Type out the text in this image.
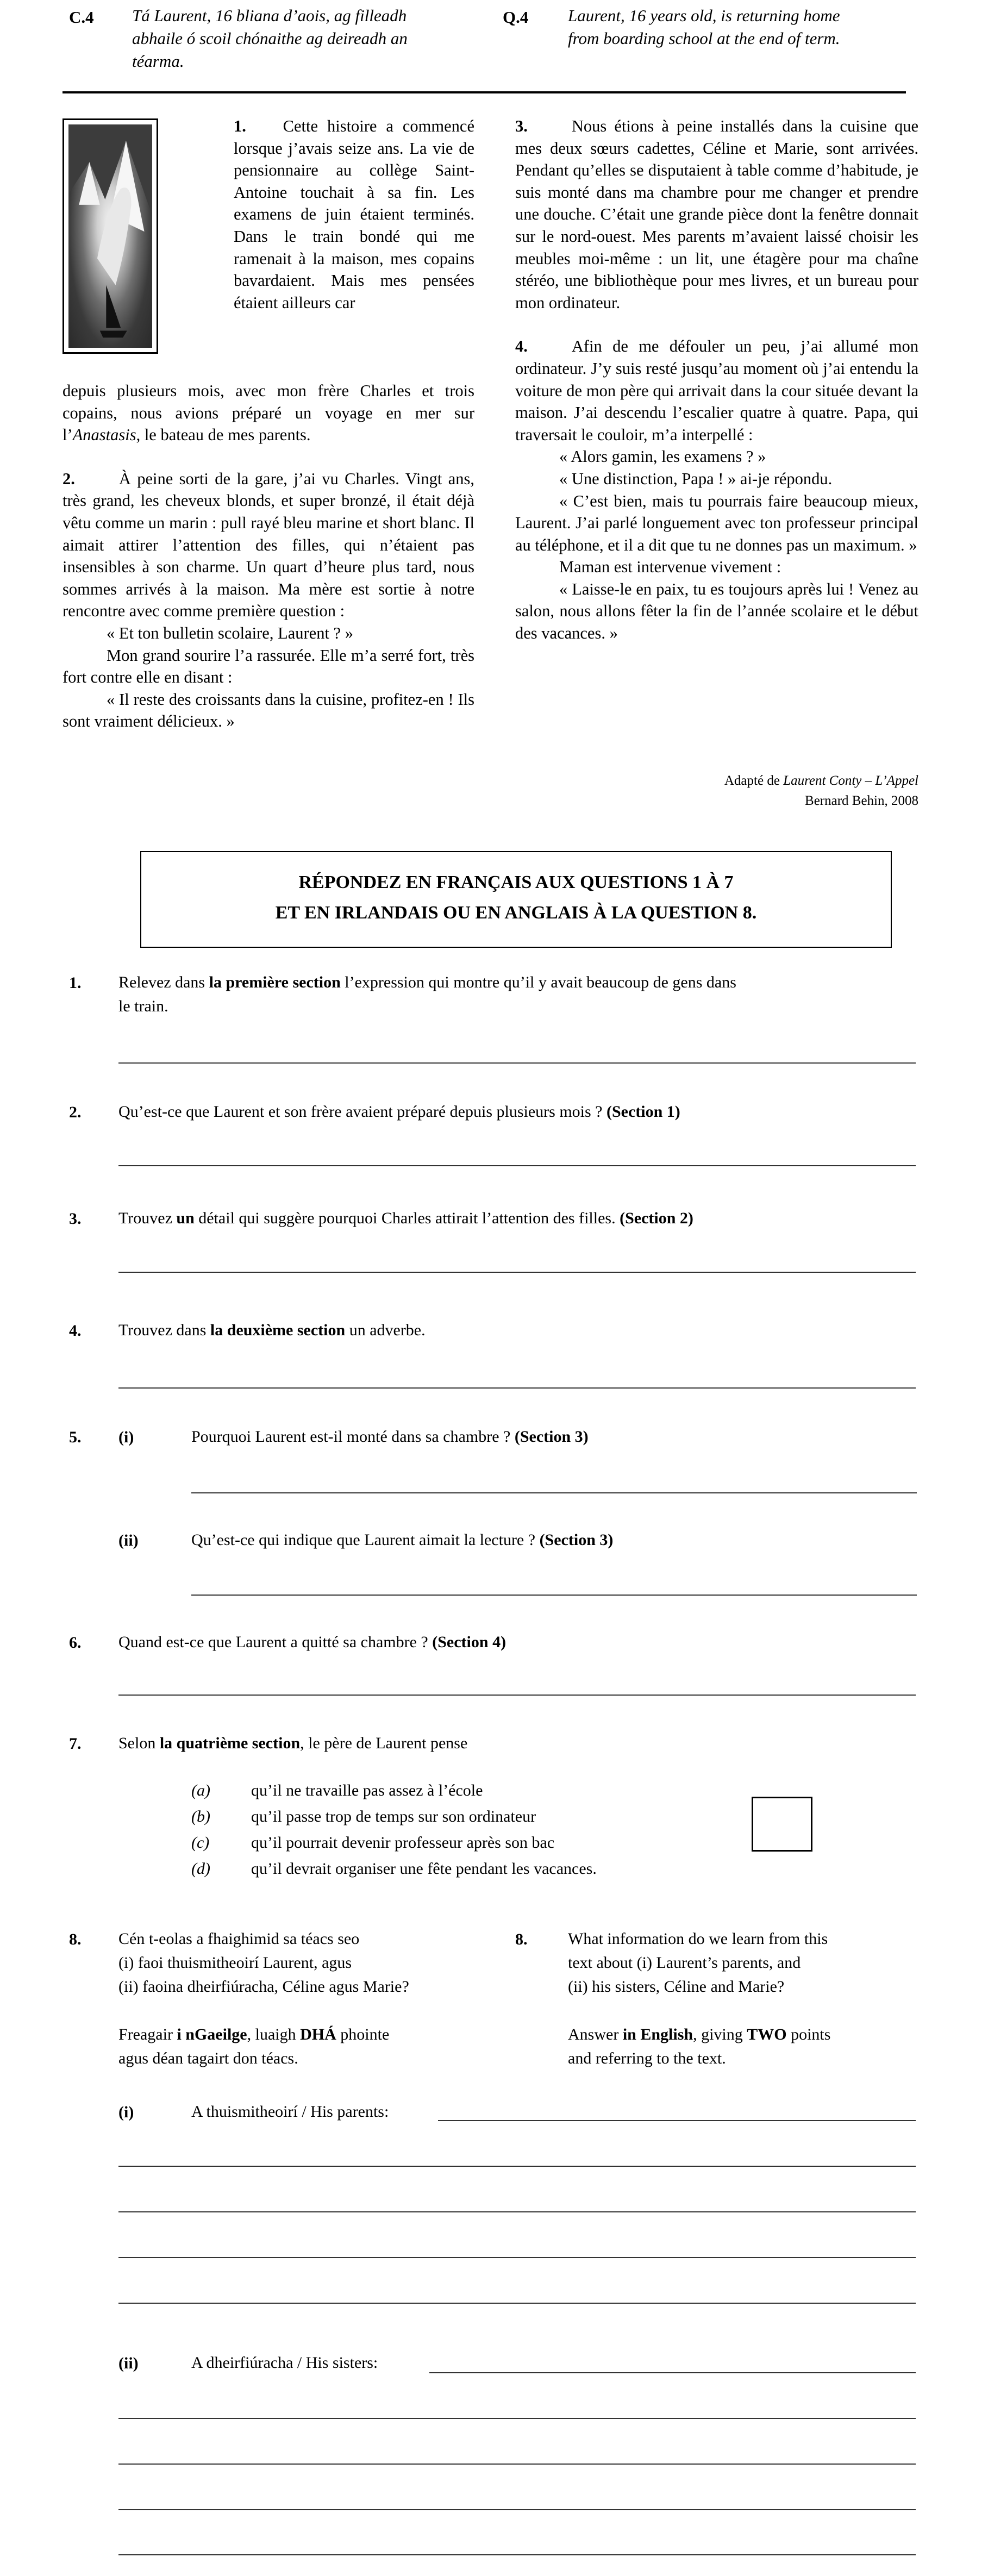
C.4 Tá Laurent, 16 bliana d’aois, ag filleadh
abhaile ó scoil chónaithe ag deireadh an
téarma.
Q.4 Laurent, 16 years old, is returning home
from boarding school at the end of term.

1. Cette histoire a commencé lorsque j’avais seize ans. La vie de pensionnaire au collège Saint-Antoine touchait à sa fin. Les examens de juin étaient terminés. Dans le train bondé qui me ramenait à la maison, mes copains bavardaient. Mais mes pensées étaient ailleurs car

depuis plusieurs mois, avec mon frère Charles et trois copains, nous avions préparé un voyage en mer sur l’Anastasis, le bateau de mes parents.

2.	À peine sorti de la gare, j’ai vu Charles. Vingt ans, très grand, les cheveux blonds, et super bronzé, il était déjà vêtu comme un marin : pull rayé bleu marine et short blanc. Il aimait attirer l’attention des filles, qui n’étaient pas insensibles à son charme. Un quart d’heure plus tard, nous sommes arrivés à la maison. Ma mère est sortie à notre rencontre avec comme première question :

« Et ton bulletin scolaire, Laurent ? »

Mon grand sourire l’a rassurée. Elle m’a serré fort, très fort contre elle en disant :

« Il reste des croissants dans la cuisine, profitez-en ! Ils sont vraiment délicieux. »

3.	Nous étions à peine installés dans la cuisine que mes deux sœurs cadettes, Céline et Marie, sont arrivées. Pendant qu’elles se disputaient à table comme d’habitude, je suis monté dans ma chambre pour me changer et prendre une douche. C’était une grande pièce dont la fenêtre donnait sur le nord-ouest. Mes parents m’avaient laissé choisir les meubles moi-même : un lit, une étagère pour ma chaîne stéréo, une bibliothèque pour mes livres, et un bureau pour mon ordinateur.

4.	Afin de me défouler un peu, j’ai allumé mon ordinateur. J’y suis resté jusqu’au moment où j’ai entendu la voiture de mon père qui arrivait dans la cour située devant la maison. J’ai descendu l’escalier quatre à quatre. Papa, qui traversait le couloir, m’a interpellé :

« Alors gamin, les examens ? »

« Une distinction, Papa ! » ai-je répondu.

« C’est bien, mais tu pourrais faire beaucoup mieux, Laurent. J’ai parlé longuement avec ton professeur principal au téléphone, et il a dit que tu ne donnes pas un maximum. »

Maman est intervenue vivement :

« Laisse-le en paix, tu es toujours après lui ! Venez au salon, nous allons fêter la fin de l’année scolaire et le début des vacances. »

Adapté de Laurent Conty – L’Appel
Bernard Behin, 2008
RÉPONDEZ EN FRANÇAIS AUX QUESTIONS 1 À 7
ET EN IRLANDAIS OU EN ANGLAIS À LA QUESTION 8.
1. Relevez dans la première section l’expression qui montre qu’il y avait beaucoup de gens dans
le train.
2. Qu’est-ce que Laurent et son frère avaient préparé depuis plusieurs mois ? (Section 1)
3. Trouvez un détail qui suggère pourquoi Charles attirait l’attention des filles. (Section 2)
4. Trouvez dans la deuxième section un adverbe.
5. (i)	Pourquoi Laurent est-il monté dans sa chambre ? (Section 3)
(ii)	Qu’est-ce qui indique que Laurent aimait la lecture ? (Section 3)
6. Quand est-ce que Laurent a quitté sa chambre ? (Section 4)
7. Selon la quatrième section, le père de Laurent pense
(a)	qu’il ne travaille pas assez à l’école
(b)	qu’il passe trop de temps sur son ordinateur
(c)	qu’il pourrait devenir professeur après son bac
(d)	qu’il devrait organiser une fête pendant les vacances.
8. Cén t-eolas a fhaighimid sa téacs seo
(i) faoi thuismitheoirí Laurent, agus
(ii) faoina dheirfiúracha, Céline agus Marie?
Freagair i nGaeilge, luaigh DHÁ phointe
agus déan tagairt don téacs.
8. What information do we learn from this
text about (i) Laurent’s parents, and
(ii) his sisters, Céline and Marie?
Answer in English, giving TWO points
and referring to the text.
(i)	A thuismitheoirí / His parents:
(ii)	A dheirfiúracha / His sisters:
